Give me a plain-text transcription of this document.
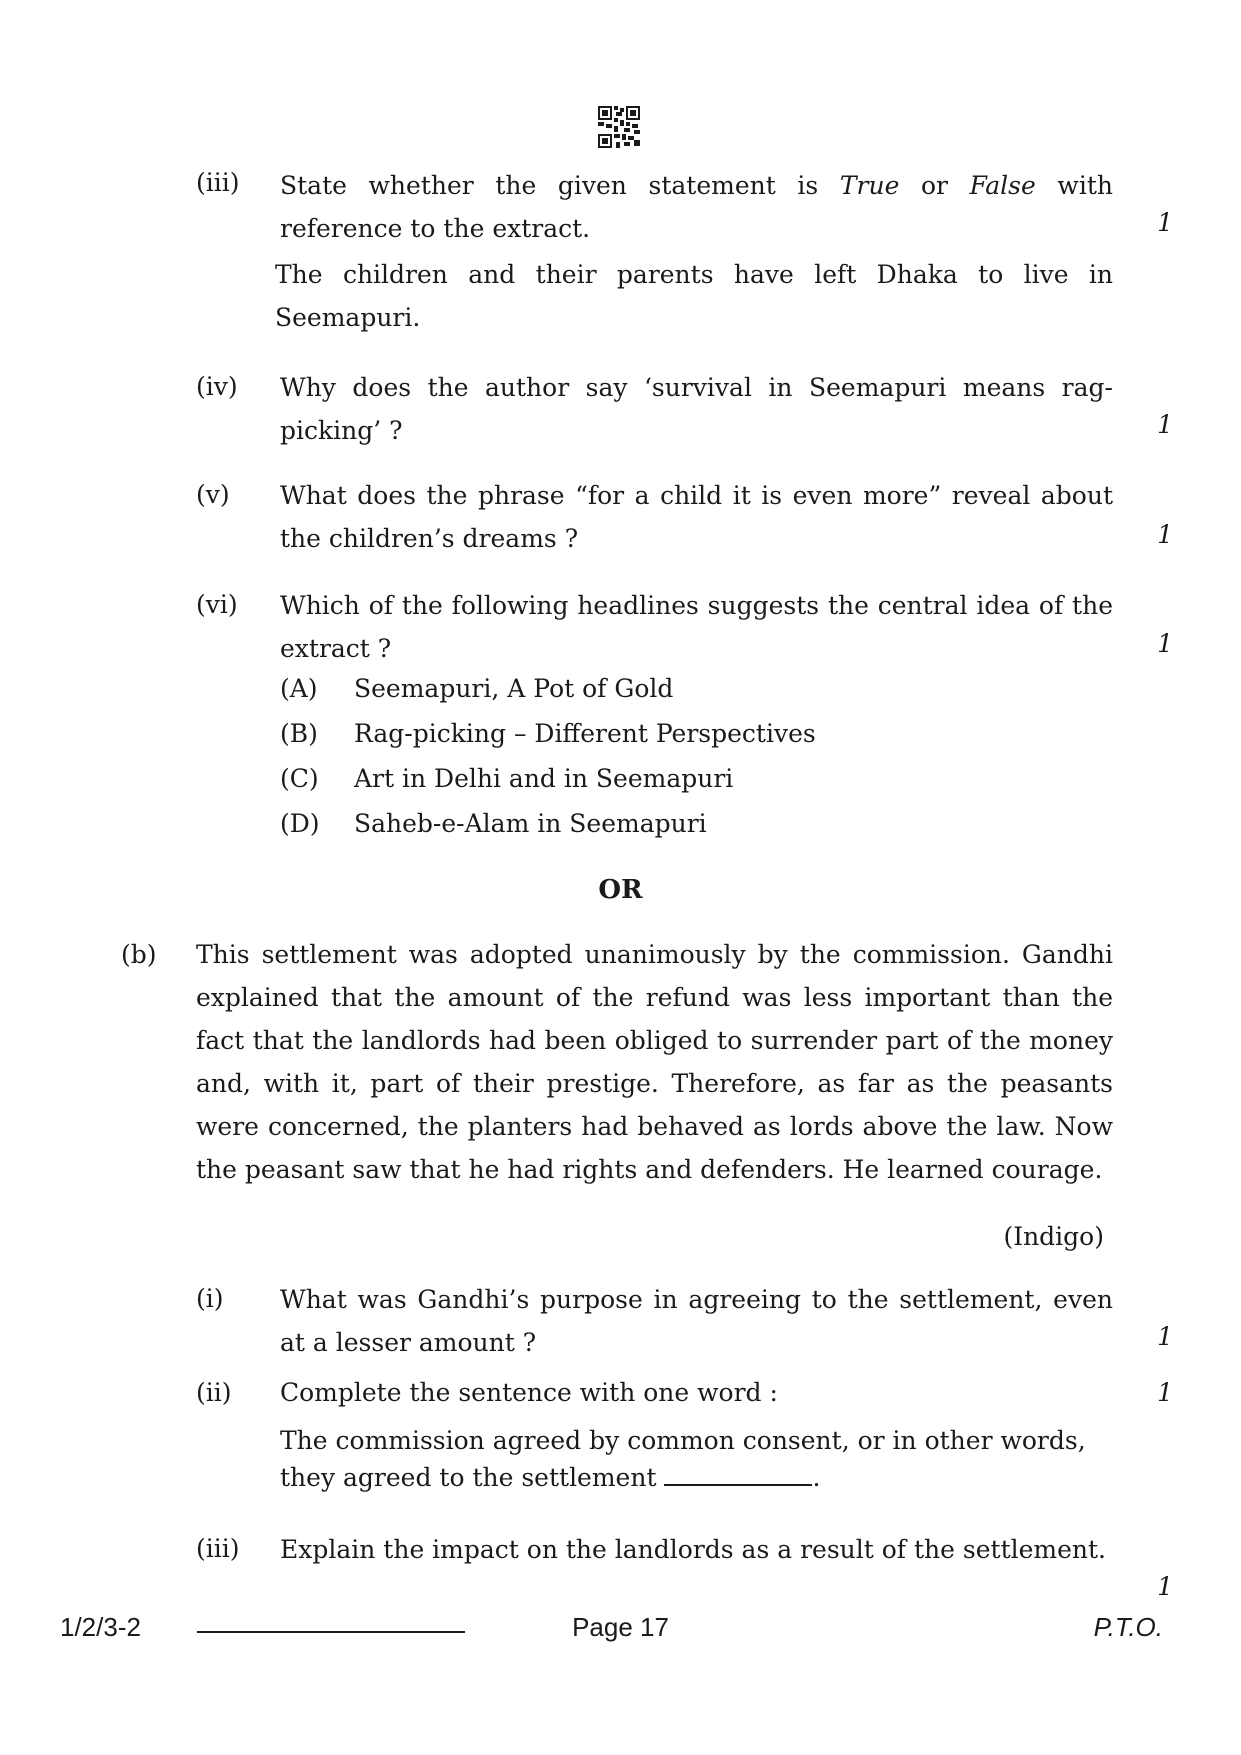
(iii) State whether the given statement is True or False with reference to the extract.	1
The children and their parents have left Dhaka to live in Seemapuri.
(iv) Why does the author say ‘survival in Seemapuri means rag-picking’ ?	1
(v) What does the phrase “for a child it is even more” reveal about the children’s dreams ?	1
(vi) Which of the following headlines suggests the central idea of the extract ?	1
(A) Seemapuri, A Pot of Gold
(B) Rag-picking – Different Perspectives
(C) Art in Delhi and in Seemapuri
(D) Saheb-e-Alam in Seemapuri
OR
(b) This settlement was adopted unanimously by the commission. Gandhi explained that the amount of the refund was less important than the fact that the landlords had been obliged to surrender part of the money and, with it, part of their prestige. Therefore, as far as the peasants were concerned, the planters had behaved as lords above the law. Now the peasant saw that he had rights and defenders. He learned courage.
(Indigo)
(i) What was Gandhi’s purpose in agreeing to the settlement, even at a lesser amount ?	1
(ii) Complete the sentence with one word :	1
The commission agreed by common consent, or in other words,
they agreed to the settlement	.
(iii) Explain the impact on the landlords as a result of the settlement.
1
1/2/3-2	Page 17	P.T.O.
